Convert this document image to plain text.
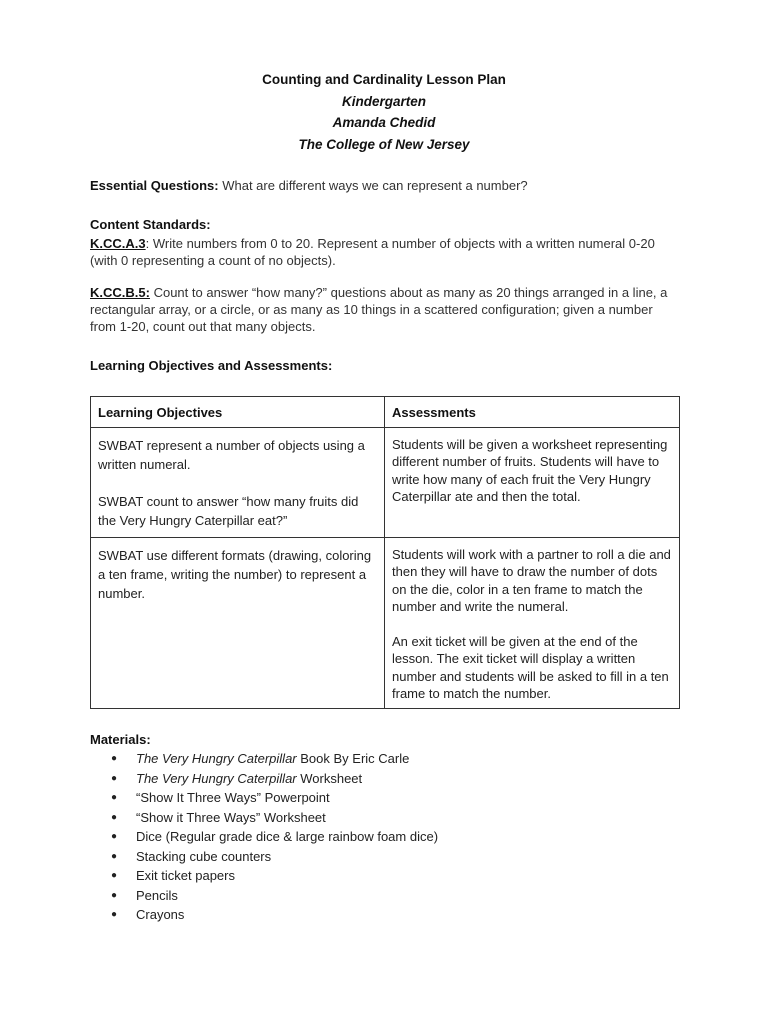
Counting and Cardinality Lesson Plan
Kindergarten
Amanda Chedid
The College of New Jersey
Essential Questions: What are different ways we can represent a number?
Content Standards:
K.CC.A.3: Write numbers from 0 to 20. Represent a number of objects with a written numeral 0-20 (with 0 representing a count of no objects).
K.CC.B.5: Count to answer “how many?” questions about as many as 20 things arranged in a line, a rectangular array, or a circle, or as many as 10 things in a scattered configuration; given a number from 1-20, count out that many objects.
Learning Objectives and Assessments:
Learning Objectives	Assessments

SWBAT represent a number of objects using a written numeral.
SWBAT count to answer “how many fruits did the Very Hungry Caterpillar eat?”	Students will be given a worksheet representing different number of fruits. Students will have to write how many of each fruit the Very Hungry Caterpillar ate and then the total.

SWBAT use different formats (drawing, coloring a ten frame, writing the number) to represent a number.	Students will work with a partner to roll a die and then they will have to draw the number of dots on the die, color in a ten frame to match the number and write the numeral.
An exit ticket will be given at the end of the lesson. The exit ticket will display a written number and students will be asked to fill in a ten frame to match the number.
Materials:
● The Very Hungry Caterpillar Book By Eric Carle
● The Very Hungry Caterpillar Worksheet
● “Show It Three Ways” Powerpoint
● “Show it Three Ways” Worksheet
● Dice (Regular grade dice & large rainbow foam dice)
● Stacking cube counters
● Exit ticket papers
● Pencils
● Crayons
